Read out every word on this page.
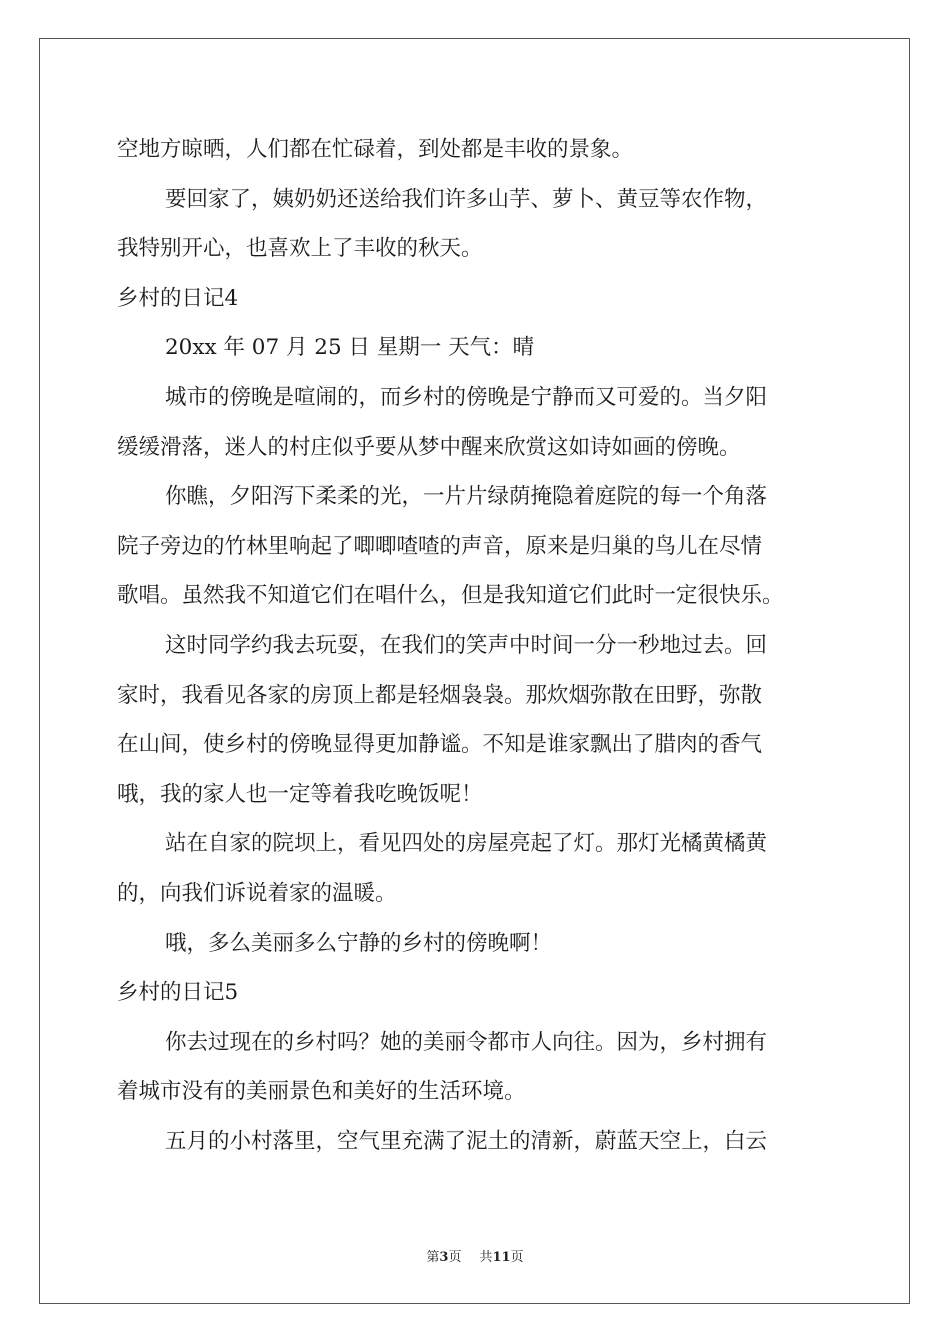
空地方晾晒，人们都在忙碌着，到处都是丰收的景象。
要回家了，姨奶奶还送给我们许多山芋、萝卜、黄豆等农作物，
我特别开心，也喜欢上了丰收的秋天。
乡村的日记4
20xx 年 07 月 25 日 星期一 天气：晴
城市的傍晚是喧闹的，而乡村的傍晚是宁静而又可爱的。当夕阳
缓缓滑落，迷人的村庄似乎要从梦中醒来欣赏这如诗如画的傍晚。
你瞧，夕阳泻下柔柔的光，一片片绿荫掩隐着庭院的每一个角落
院子旁边的竹林里响起了唧唧喳喳的声音，原来是归巢的鸟儿在尽情
歌唱。虽然我不知道它们在唱什么，但是我知道它们此时一定很快乐。
这时同学约我去玩耍，在我们的笑声中时间一分一秒地过去。回
家时，我看见各家的房顶上都是轻烟袅袅。那炊烟弥散在田野，弥散
在山间，使乡村的傍晚显得更加静谧。不知是谁家飘出了腊肉的香气
哦，我的家人也一定等着我吃晚饭呢！
站在自家的院坝上，看见四处的房屋亮起了灯。那灯光橘黄橘黄
的，向我们诉说着家的温暖。
哦，多么美丽多么宁静的乡村的傍晚啊！
乡村的日记5
你去过现在的乡村吗？她的美丽令都市人向往。因为，乡村拥有
着城市没有的美丽景色和美好的生活环境。
五月的小村落里，空气里充满了泥土的清新，蔚蓝天空上，白云
第3页 共11页
